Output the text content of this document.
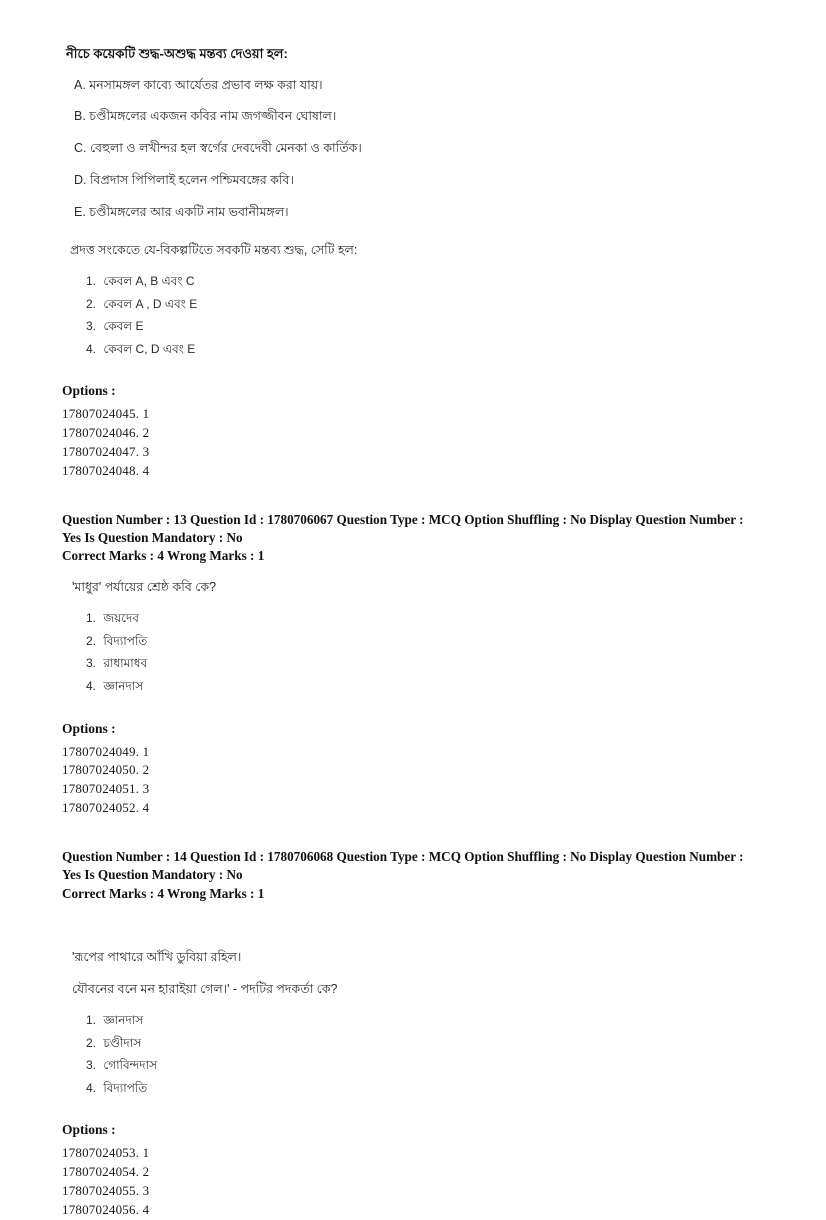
নীচে কয়েকটি শুদ্ধ-অশুদ্ধ মন্তব্য দেওয়া হল:
A. মনসামঙ্গল কাব্যে আর্যেতর প্রভাব লক্ষ করা যায়।
B. চণ্ডীমঙ্গলের একজন কবির নাম জগজ্জীবন ঘোষাল।
C. বেহুলা ও লখীন্দর হল স্বর্গের দেবদেবী মেনকা ও কার্তিক।
D. বিপ্রদাস পিপিলাই হলেন পশ্চিমবঙ্গের কবি।
E. চণ্ডীমঙ্গলের আর একটি নাম ভবানীমঙ্গল।
প্রদত্ত সংকেতে যে-বিকল্পটিতে সবকটি মন্তব্য শুদ্ধ, সেটি হল:
1. কেবল A, B এবং C
2. কেবল A , D এবং E
3. কেবল E
4. কেবল C, D এবং E
Options :
17807024045. 1
17807024046. 2
17807024047. 3
17807024048. 4
Question Number : 13 Question Id : 1780706067 Question Type : MCQ Option Shuffling : No Display Question Number : Yes Is Question Mandatory : No
Correct Marks : 4 Wrong Marks : 1

'মাধুর' পর্যায়ের শ্রেষ্ঠ কবি কে?

1. জয়দেব
2. বিদ্যাপতি
3. রাধামাধব
4. জ্ঞানদাস
Options :
17807024049. 1
17807024050. 2
17807024051. 3
17807024052. 4
Question Number : 14 Question Id : 1780706068 Question Type : MCQ Option Shuffling : No Display Question Number : Yes Is Question Mandatory : No
Correct Marks : 4 Wrong Marks : 1

'রূপের পাথারে আঁখি ডুবিয়া রহিল।

যৌবনের বনে মন হারাইয়া গেল।' - পদটির পদকর্তা কে?

1. জ্ঞানদাস
2. চণ্ডীদাস
3. গোবিন্দদাস
4. বিদ্যাপতি
Options :
17807024053. 1
17807024054. 2
17807024055. 3
17807024056. 4
